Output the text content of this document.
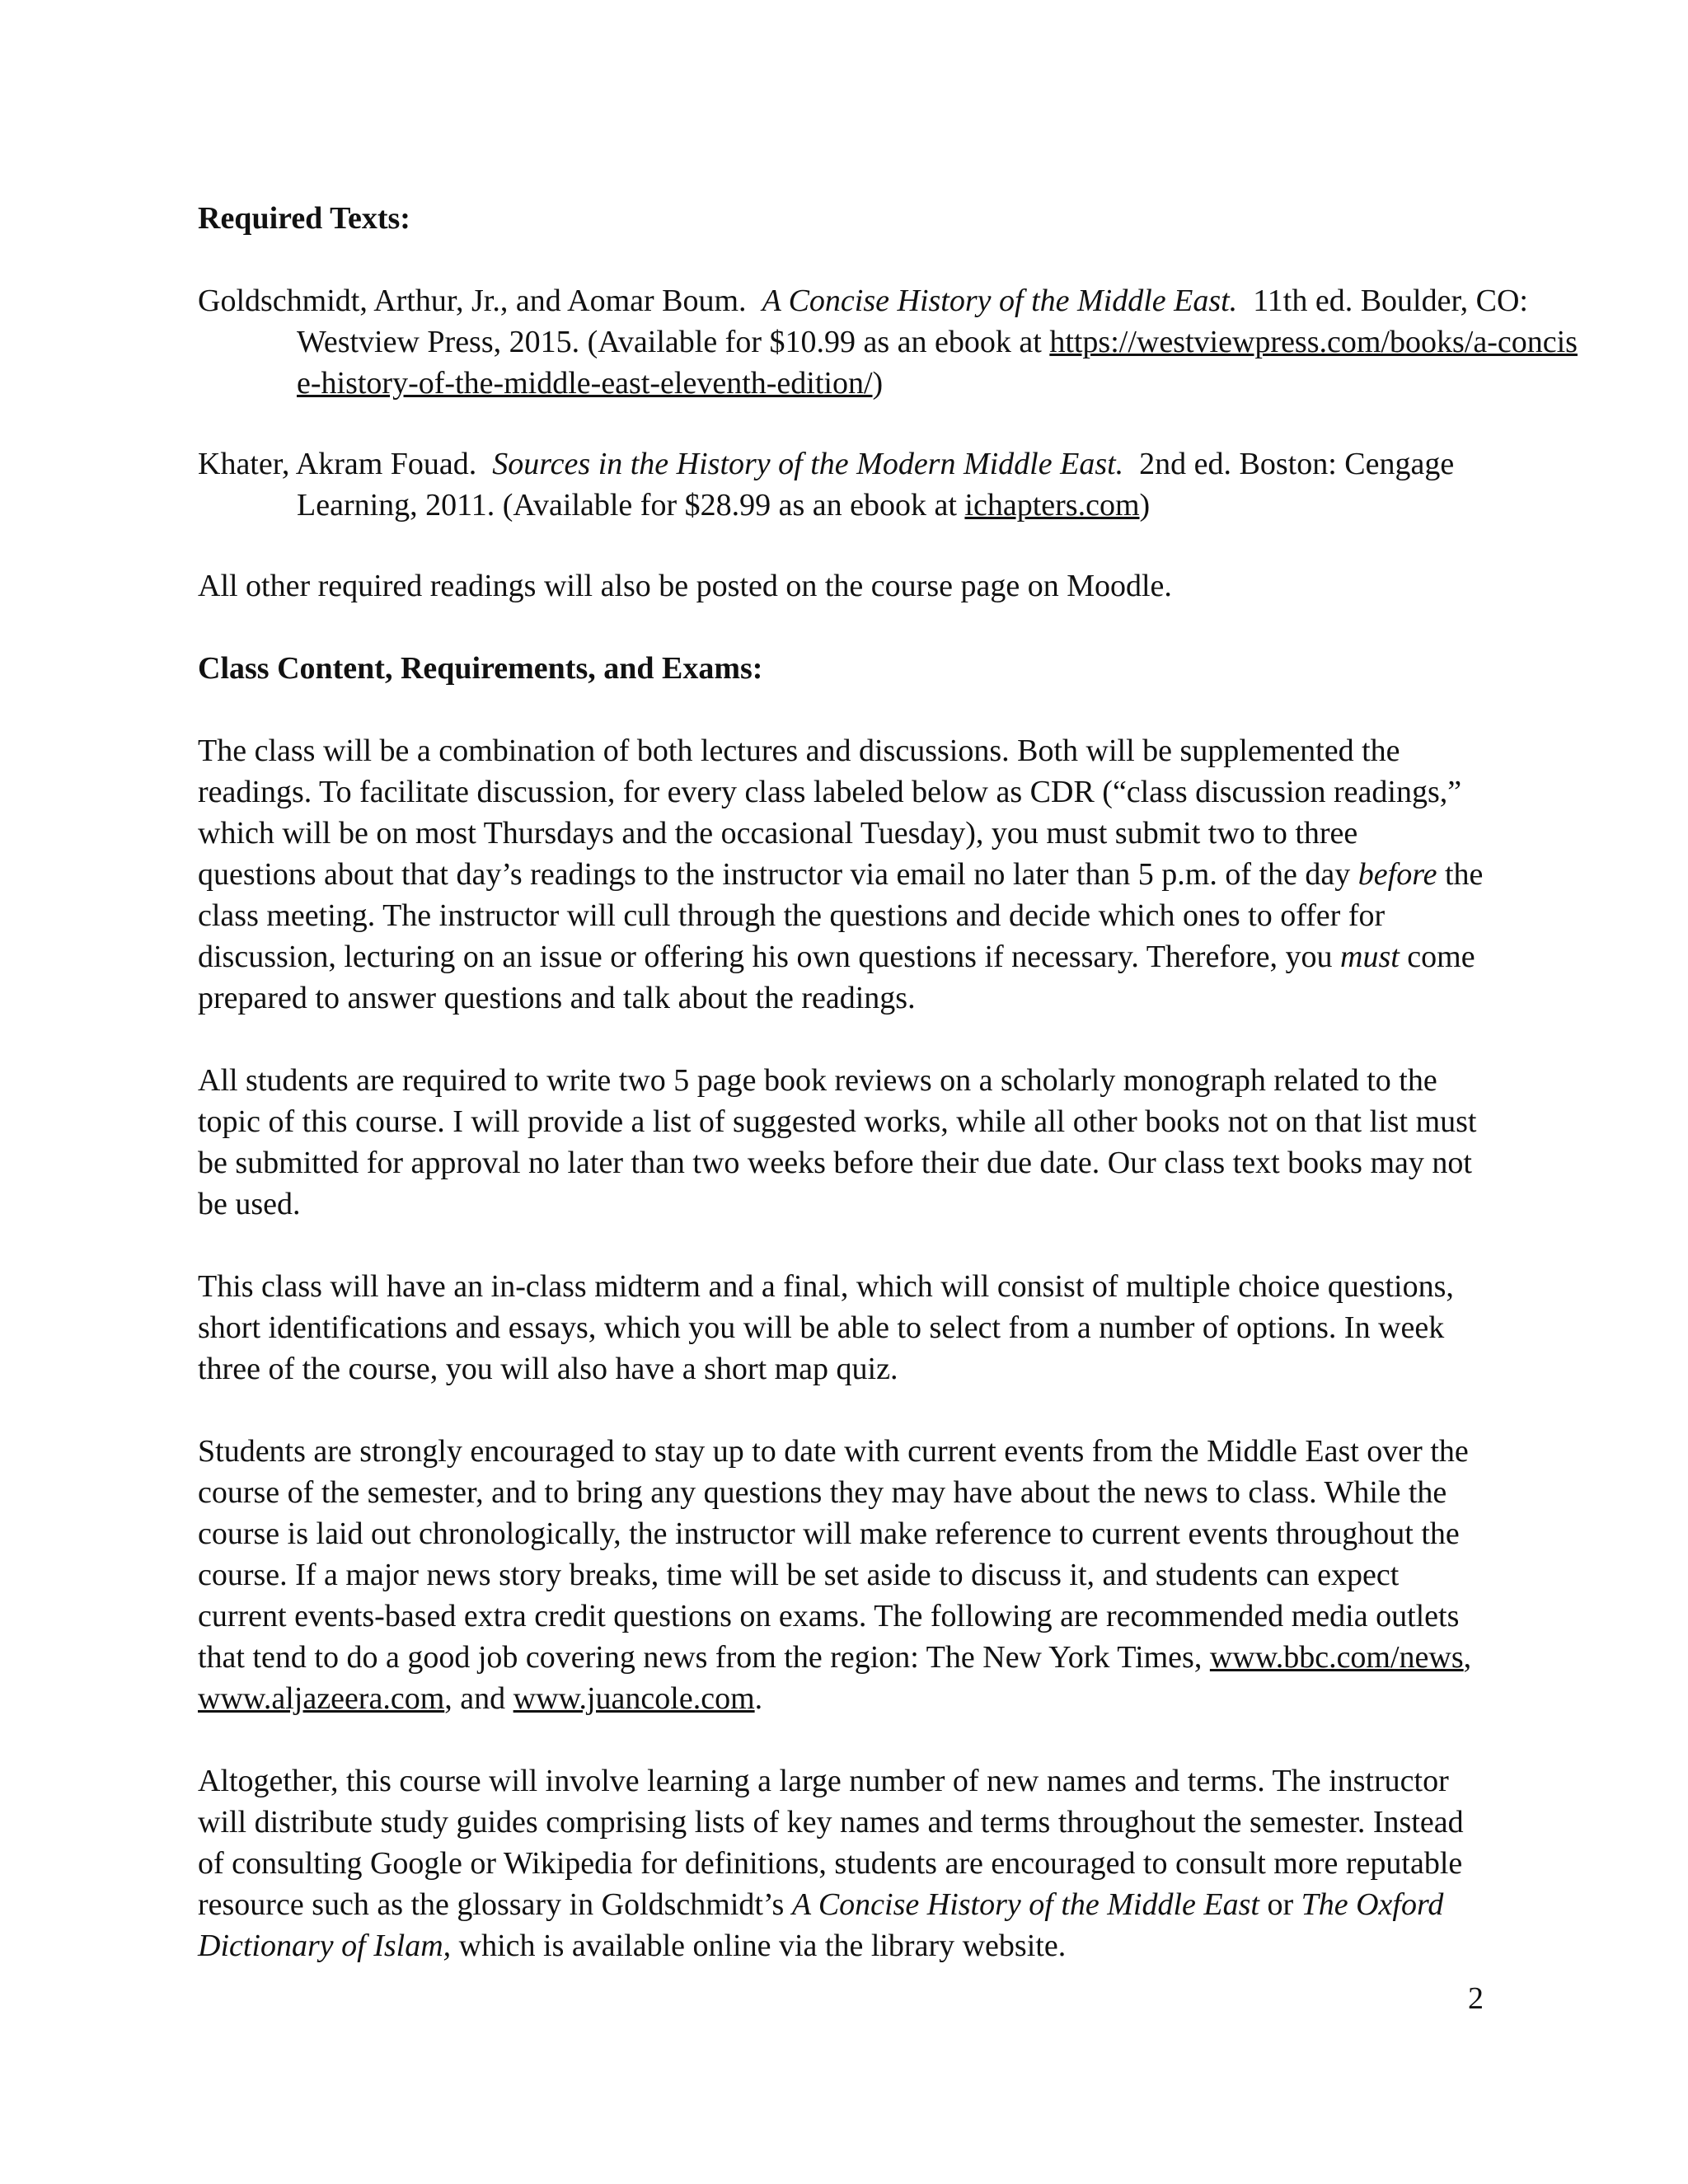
Required Texts:

Goldschmidt, Arthur, Jr., and Aomar Boum. A Concise History of the Middle East. 11th ed. Boulder, CO: Westview Press, 2015. (Available for $10.99 as an ebook at https://westviewpress.com/books/a-concise-history-of-the-middle-east-eleventh-edition/)

Khater, Akram Fouad. Sources in the History of the Modern Middle East. 2nd ed. Boston: Cengage Learning, 2011. (Available for $28.99 as an ebook at ichapters.com)

All other required readings will also be posted on the course page on Moodle.

Class Content, Requirements, and Exams:

The class will be a combination of both lectures and discussions. Both will be supplemented the readings. To facilitate discussion, for every class labeled below as CDR (“class discussion readings,” which will be on most Thursdays and the occasional Tuesday), you must submit two to three questions about that day’s readings to the instructor via email no later than 5 p.m. of the day before the class meeting. The instructor will cull through the questions and decide which ones to offer for discussion, lecturing on an issue or offering his own questions if necessary. Therefore, you must come prepared to answer questions and talk about the readings.

All students are required to write two 5 page book reviews on a scholarly monograph related to the topic of this course. I will provide a list of suggested works, while all other books not on that list must be submitted for approval no later than two weeks before their due date. Our class text books may not be used.

This class will have an in-class midterm and a final, which will consist of multiple choice questions, short identifications and essays, which you will be able to select from a number of options. In week three of the course, you will also have a short map quiz.

Students are strongly encouraged to stay up to date with current events from the Middle East over the course of the semester, and to bring any questions they may have about the news to class. While the course is laid out chronologically, the instructor will make reference to current events throughout the course. If a major news story breaks, time will be set aside to discuss it, and students can expect current events-based extra credit questions on exams. The following are recommended media outlets that tend to do a good job covering news from the region: The New York Times, www.bbc.com/news, www.aljazeera.com, and www.juancole.com.

Altogether, this course will involve learning a large number of new names and terms. The instructor will distribute study guides comprising lists of key names and terms throughout the semester. Instead of consulting Google or Wikipedia for definitions, students are encouraged to consult more reputable resource such as the glossary in Goldschmidt’s A Concise History of the Middle East or The Oxford Dictionary of Islam, which is available online via the library website.

2
